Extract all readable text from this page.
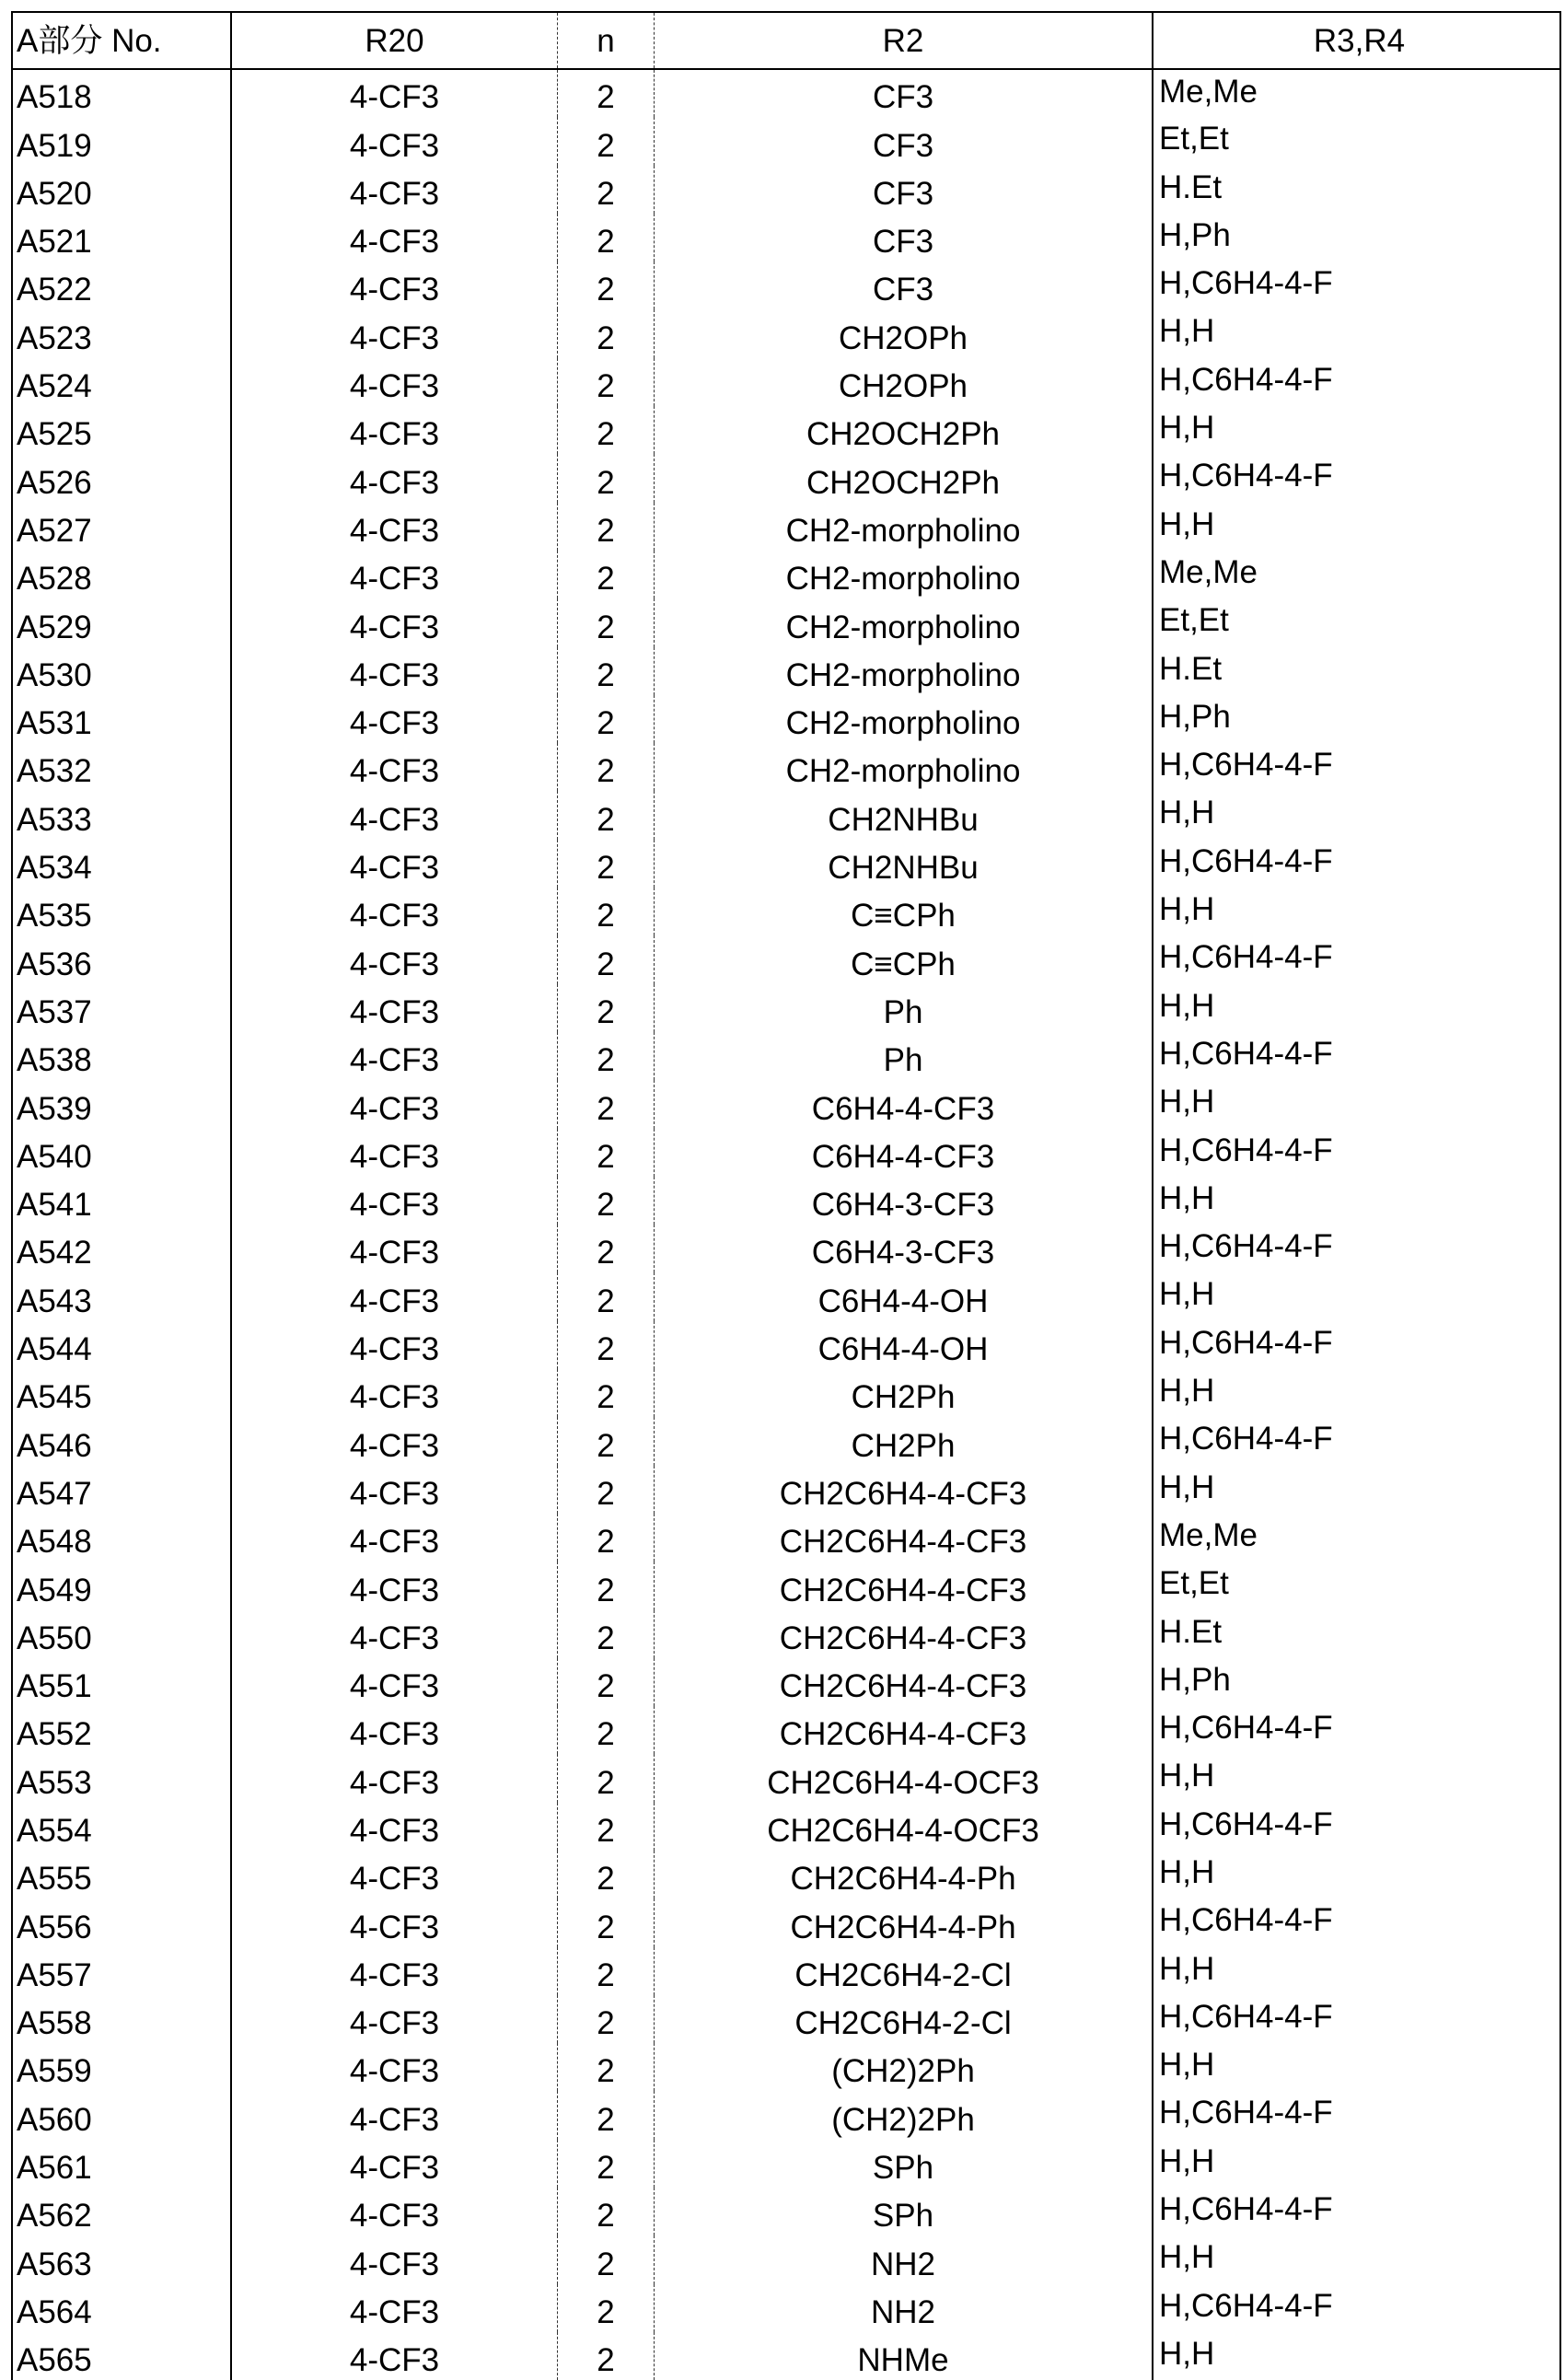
A部分 No.	R20	n	R2	R3,R4
A518	4-CF3	2	CF3	Me,Me
A519	4-CF3	2	CF3	Et,Et
A520	4-CF3	2	CF3	H.Et
A521	4-CF3	2	CF3	H,Ph
A522	4-CF3	2	CF3	H,C6H4-4-F
A523	4-CF3	2	CH2OPh	H,H
A524	4-CF3	2	CH2OPh	H,C6H4-4-F
A525	4-CF3	2	CH2OCH2Ph	H,H
A526	4-CF3	2	CH2OCH2Ph	H,C6H4-4-F
A527	4-CF3	2	CH2-morpholino	H,H
A528	4-CF3	2	CH2-morpholino	Me,Me
A529	4-CF3	2	CH2-morpholino	Et,Et
A530	4-CF3	2	CH2-morpholino	H.Et
A531	4-CF3	2	CH2-morpholino	H,Ph
A532	4-CF3	2	CH2-morpholino	H,C6H4-4-F
A533	4-CF3	2	CH2NHBu	H,H
A534	4-CF3	2	CH2NHBu	H,C6H4-4-F
A535	4-CF3	2	C≡CPh	H,H
A536	4-CF3	2	C≡CPh	H,C6H4-4-F
A537	4-CF3	2	Ph	H,H
A538	4-CF3	2	Ph	H,C6H4-4-F
A539	4-CF3	2	C6H4-4-CF3	H,H
A540	4-CF3	2	C6H4-4-CF3	H,C6H4-4-F
A541	4-CF3	2	C6H4-3-CF3	H,H
A542	4-CF3	2	C6H4-3-CF3	H,C6H4-4-F
A543	4-CF3	2	C6H4-4-OH	H,H
A544	4-CF3	2	C6H4-4-OH	H,C6H4-4-F
A545	4-CF3	2	CH2Ph	H,H
A546	4-CF3	2	CH2Ph	H,C6H4-4-F
A547	4-CF3	2	CH2C6H4-4-CF3	H,H
A548	4-CF3	2	CH2C6H4-4-CF3	Me,Me
A549	4-CF3	2	CH2C6H4-4-CF3	Et,Et
A550	4-CF3	2	CH2C6H4-4-CF3	H.Et
A551	4-CF3	2	CH2C6H4-4-CF3	H,Ph
A552	4-CF3	2	CH2C6H4-4-CF3	H,C6H4-4-F
A553	4-CF3	2	CH2C6H4-4-OCF3	H,H
A554	4-CF3	2	CH2C6H4-4-OCF3	H,C6H4-4-F
A555	4-CF3	2	CH2C6H4-4-Ph	H,H
A556	4-CF3	2	CH2C6H4-4-Ph	H,C6H4-4-F
A557	4-CF3	2	CH2C6H4-2-Cl	H,H
A558	4-CF3	2	CH2C6H4-2-Cl	H,C6H4-4-F
A559	4-CF3	2	(CH2)2Ph	H,H
A560	4-CF3	2	(CH2)2Ph	H,C6H4-4-F
A561	4-CF3	2	SPh	H,H
A562	4-CF3	2	SPh	H,C6H4-4-F
A563	4-CF3	2	NH2	H,H
A564	4-CF3	2	NH2	H,C6H4-4-F
A565	4-CF3	2	NHMe	H,H
